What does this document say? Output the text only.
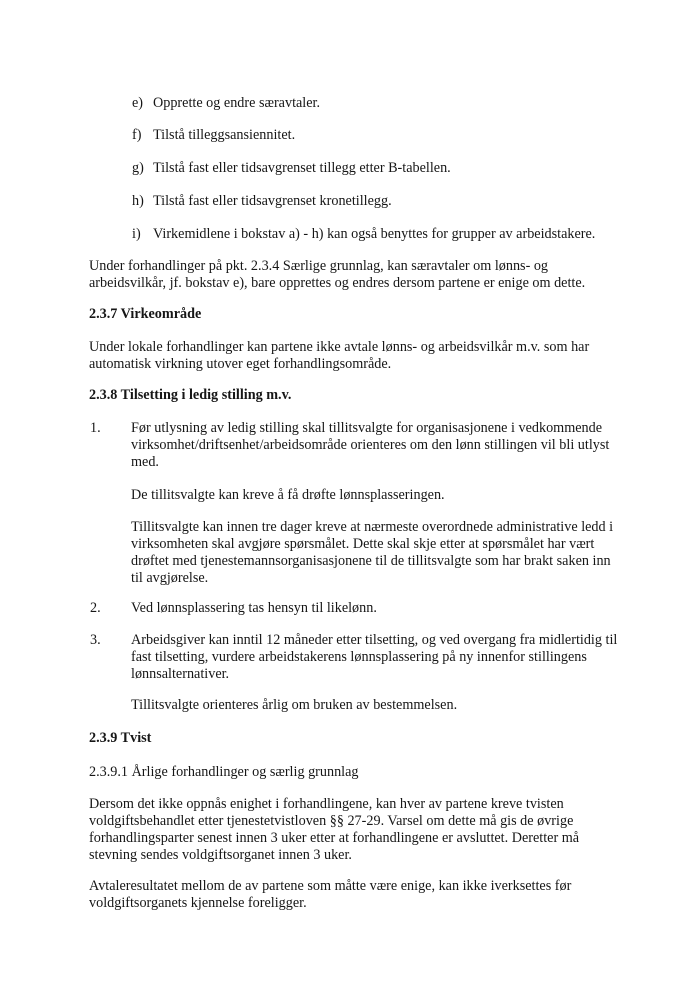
e) Opprette og endre særavtaler.
f) Tilstå tilleggsansiennitet.
g) Tilstå fast eller tidsavgrenset tillegg etter B-tabellen.
h) Tilstå fast eller tidsavgrenset kronetillegg.
i) Virkemidlene i bokstav a) - h) kan også benyttes for grupper av arbeidstakere.

Under forhandlinger på pkt. 2.3.4 Særlige grunnlag, kan særavtaler om lønns- og
arbeidsvilkår, jf. bokstav e), bare opprettes og endres dersom partene er enige om dette.

2.3.7 Virkeområde

Under lokale forhandlinger kan partene ikke avtale lønns- og arbeidsvilkår m.v. som har
automatisk virkning utover eget forhandlingsområde.

2.3.8 Tilsetting i ledig stilling m.v.
1. Før utlysning av ledig stilling skal tillitsvalgte for organisasjonene i vedkommende
virksomhet/driftsenhet/arbeidsområde orienteres om den lønn stillingen vil bli utlyst
med.

De tillitsvalgte kan kreve å få drøfte lønnsplasseringen.

Tillitsvalgte kan innen tre dager kreve at nærmeste overordnede administrative ledd i
virksomheten skal avgjøre spørsmålet. Dette skal skje etter at spørsmålet har vært
drøftet med tjenestemannsorganisasjonene til de tillitsvalgte som har brakt saken inn
til avgjørelse.

2. Ved lønnsplassering tas hensyn til likelønn.

3. Arbeidsgiver kan inntil 12 måneder etter tilsetting, og ved overgang fra midlertidig til
fast tilsetting, vurdere arbeidstakerens lønnsplassering på ny innenfor stillingens
lønnsalternativer.

Tillitsvalgte orienteres årlig om bruken av bestemmelsen.

2.3.9 Tvist

2.3.9.1 Årlige forhandlinger og særlig grunnlag

Dersom det ikke oppnås enighet i forhandlingene, kan hver av partene kreve tvisten
voldgiftsbehandlet etter tjenestetvistloven §§ 27-29. Varsel om dette må gis de øvrige
forhandlingsparter senest innen 3 uker etter at forhandlingene er avsluttet. Deretter må
stevning sendes voldgiftsorganet innen 3 uker.

Avtaleresultatet mellom de av partene som måtte være enige, kan ikke iverksettes før
voldgiftsorganets kjennelse foreligger.
